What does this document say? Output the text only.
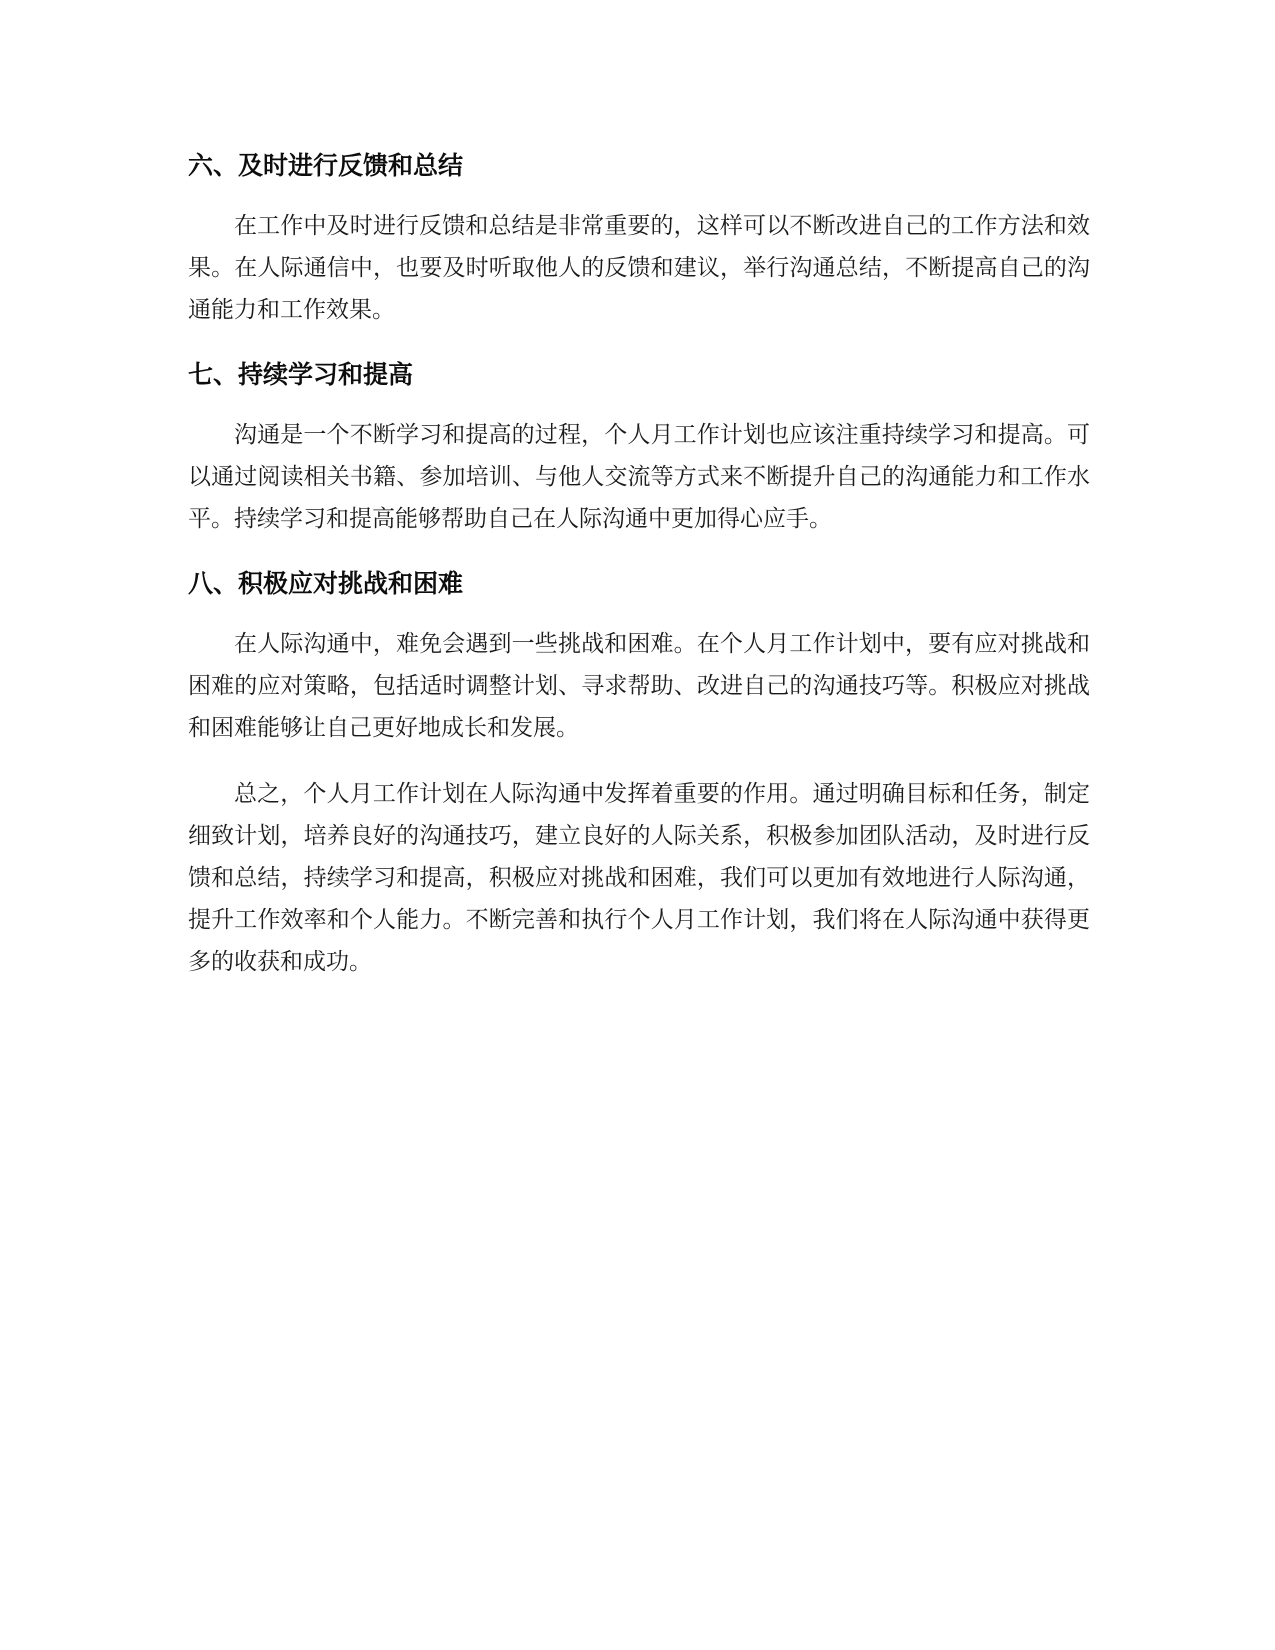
六、及时进行反馈和总结

在工作中及时进行反馈和总结是非常重要的，这样可以不断改进自己的工作方法和效果。在人际通信中，也要及时听取他人的反馈和建议，举行沟通总结，不断提高自己的沟通能力和工作效果。

七、持续学习和提高

沟通是一个不断学习和提高的过程，个人月工作计划也应该注重持续学习和提高。可以通过阅读相关书籍、参加培训、与他人交流等方式来不断提升自己的沟通能力和工作水平。持续学习和提高能够帮助自己在人际沟通中更加得心应手。

八、积极应对挑战和困难

在人际沟通中，难免会遇到一些挑战和困难。在个人月工作计划中，要有应对挑战和困难的应对策略，包括适时调整计划、寻求帮助、改进自己的沟通技巧等。积极应对挑战和困难能够让自己更好地成长和发展。

总之，个人月工作计划在人际沟通中发挥着重要的作用。通过明确目标和任务，制定细致计划，培养良好的沟通技巧，建立良好的人际关系，积极参加团队活动，及时进行反馈和总结，持续学习和提高，积极应对挑战和困难，我们可以更加有效地进行人际沟通，提升工作效率和个人能力。不断完善和执行个人月工作计划，我们将在人际沟通中获得更多的收获和成功。
